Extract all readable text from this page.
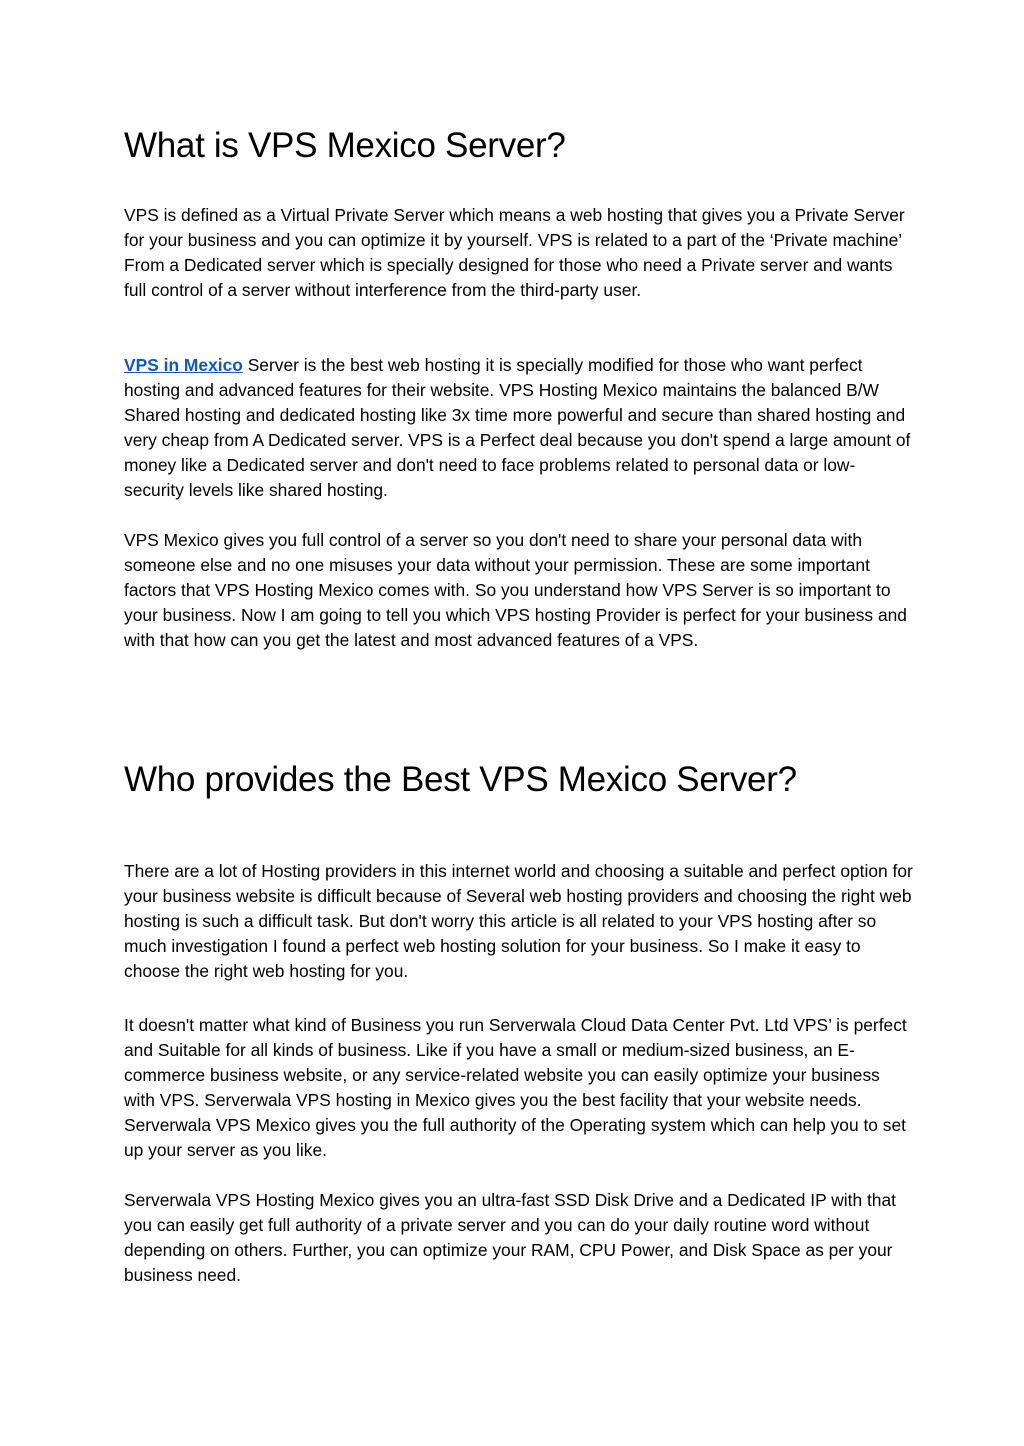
What is VPS Mexico Server?

VPS is defined as a Virtual Private Server which means a web hosting that gives you a Private Server for your business and you can optimize it by yourself. VPS is related to a part of the ‘Private machine’ From a Dedicated server which is specially designed for those who need a Private server and wants full control of a server without interference from the third-party user.

VPS in Mexico Server is the best web hosting it is specially modified for those who want perfect hosting and advanced features for their website. VPS Hosting Mexico maintains the balanced B/W Shared hosting and dedicated hosting like 3x time more powerful and secure than shared hosting and very cheap from A Dedicated server. VPS is a Perfect deal because you don't spend a large amount of money like a Dedicated server and don't need to face problems related to personal data or low-security levels like shared hosting.

VPS Mexico gives you full control of a server so you don't need to share your personal data with someone else and no one misuses your data without your permission. These are some important factors that VPS Hosting Mexico comes with. So you understand how VPS Server is so important to your business. Now I am going to tell you which VPS hosting Provider is perfect for your business and with that how can you get the latest and most advanced features of a VPS.

Who provides the Best VPS Mexico Server?

There are a lot of Hosting providers in this internet world and choosing a suitable and perfect option for your business website is difficult because of Several web hosting providers and choosing the right web hosting is such a difficult task. But don't worry this article is all related to your VPS hosting after so much investigation I found a perfect web hosting solution for your business. So I make it easy to choose the right web hosting for you.

It doesn't matter what kind of Business you run Serverwala Cloud Data Center Pvt. Ltd VPS’ is perfect and Suitable for all kinds of business. Like if you have a small or medium-sized business, an E-commerce business website, or any service-related website you can easily optimize your business with VPS. Serverwala VPS hosting in Mexico gives you the best facility that your website needs. Serverwala VPS Mexico gives you the full authority of the Operating system which can help you to set up your server as you like.

Serverwala VPS Hosting Mexico gives you an ultra-fast SSD Disk Drive and a Dedicated IP with that you can easily get full authority of a private server and you can do your daily routine word without depending on others. Further, you can optimize your RAM, CPU Power, and Disk Space as per your business need.
